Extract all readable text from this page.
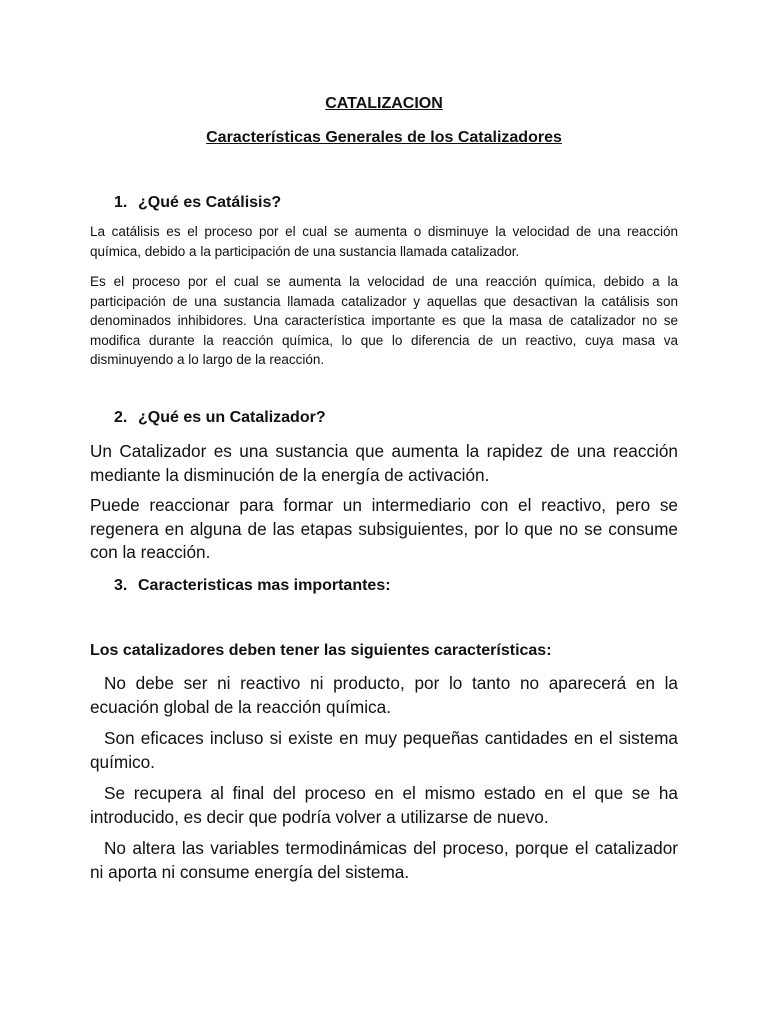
CATALIZACION

Características Generales de los Catalizadores

1. ¿Qué es Catálisis?

La catálisis es el proceso por el cual se aumenta o disminuye la velocidad de una reacción química, debido a la participación de una sustancia llamada catalizador.

Es el proceso por el cual se aumenta la velocidad de una reacción química, debido a la participación de una sustancia llamada catalizador y aquellas que desactivan la catálisis son denominados inhibidores. Una característica importante es que la masa de catalizador no se modifica durante la reacción química, lo que lo diferencia de un reactivo, cuya masa va disminuyendo a lo largo de la reacción.

2. ¿Qué es un Catalizador?

Un Catalizador es una sustancia que aumenta la rapidez de una reacción mediante la disminución de la energía de activación.

Puede reaccionar para formar un intermediario con el reactivo, pero se regenera en alguna de las etapas subsiguientes, por lo que no se consume con la reacción.

3. Caracteristicas mas importantes:

Los catalizadores deben tener las siguientes características:

No debe ser ni reactivo ni producto, por lo tanto no aparecerá en la ecuación global de la reacción química.

Son eficaces incluso si existe en muy pequeñas cantidades en el sistema químico.

Se recupera al final del proceso en el mismo estado en el que se ha introducido, es decir que podría volver a utilizarse de nuevo.

No altera las variables termodinámicas del proceso, porque el catalizador ni aporta ni consume energía del sistema.
